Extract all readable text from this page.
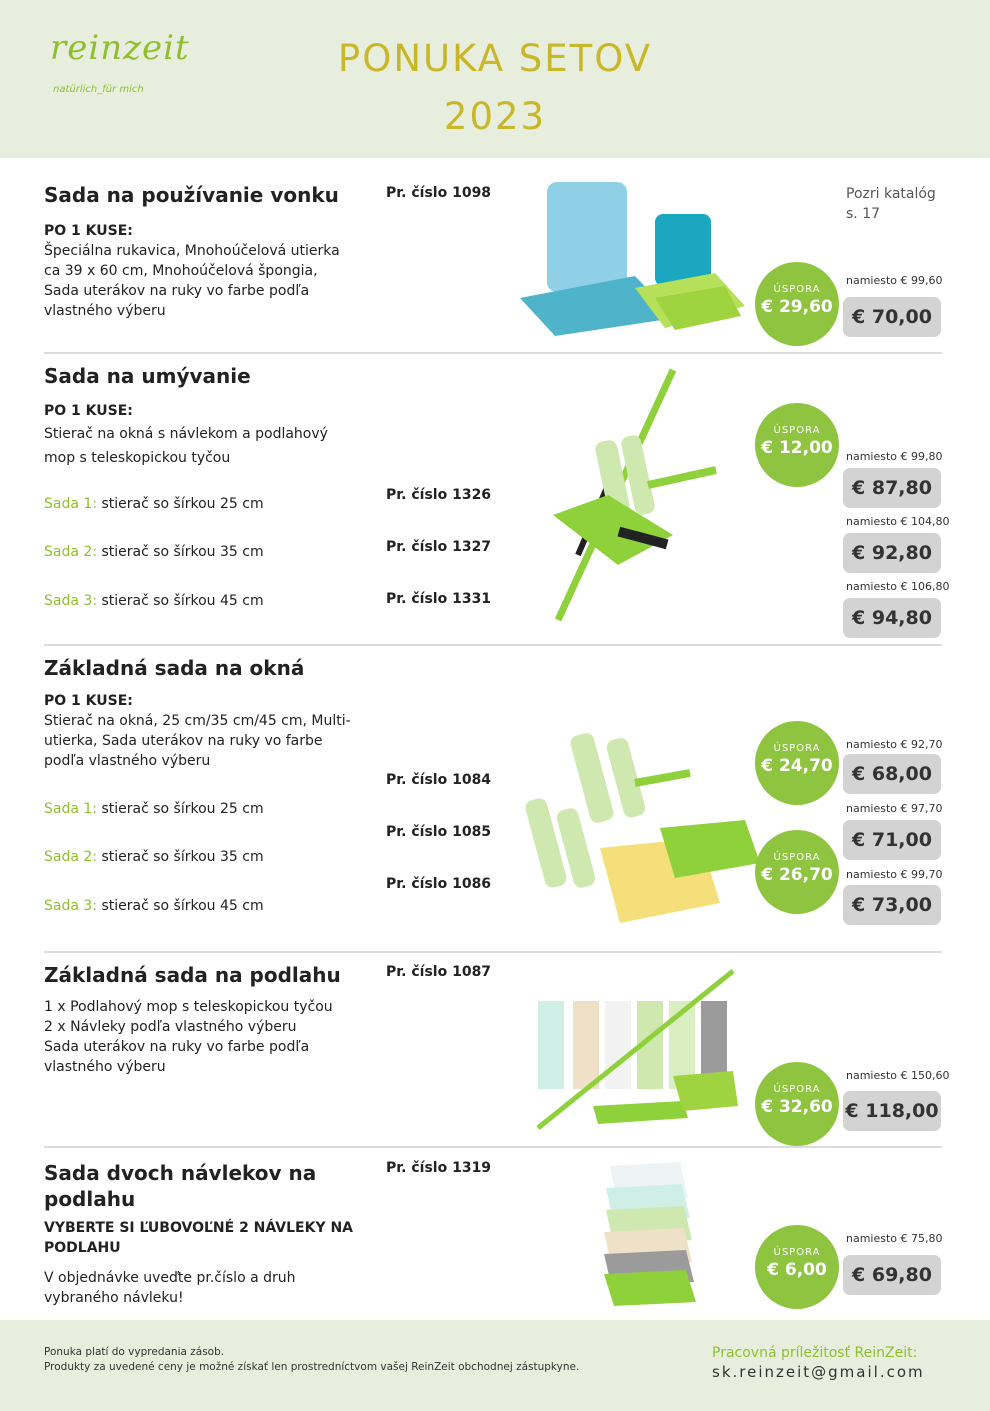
reinzeit
natürlich_für mich
PONUKA SETOV
2023
Sada na používanie vonku	Pr. číslo 1098
PO 1 KUSE:
Špeciálna rukavica, Mnohoúčelová utierka
ca 39 x 60 cm, Mnohoúčelová špongia,
Sada uterákov na ruky vo farbe podľa
vlastného výberu
Pozri katalóg
s. 17
ÚSPORA
€ 29,60
namiesto € 99,60
€ 70,00
Sada na umývanie
PO 1 KUSE:
Stierač na okná s návlekom a podlahový
mop s teleskopickou tyčou
Sada 1: stierač so šírkou 25 cm
Pr. číslo 1326
Sada 2: stierač so šírkou 35 cm	Pr. číslo 1327
Sada 3: stierač so šírkou 45 cm	Pr. číslo 1331
ÚSPORA
€ 12,00	namiesto € 99,80
€ 87,80
namiesto € 104,80
€ 92,80
namiesto € 106,80
€ 94,80
Základná sada na okná
PO 1 KUSE:
Stierač na okná, 25 cm/35 cm/45 cm, Multi-
utierka, Sada uterákov na ruky vo farbe
podľa vlastného výberu
Sada 1: stierač so šírkou 25 cm
Pr. číslo 1084
Sada 2: stierač so šírkou 35 cm
Pr. číslo 1085
Sada 3: stierač so šírkou 45 cm
Pr. číslo 1086
ÚSPORA
€ 24,70
ÚSPORA
€ 26,70
namiesto € 92,70
€ 68,00
namiesto € 97,70
€ 71,00
namiesto € 99,70
€ 73,00
Základná sada na podlahu	Pr. číslo 1087
1 x Podlahový mop s teleskopickou tyčou
2 x Návleky podľa vlastného výberu
Sada uterákov na ruky vo farbe podľa
vlastného výberu
ÚSPORA
€ 32,60
namiesto € 150,60
€ 118,00
Sada dvoch návlekov na
podlahu
Pr. číslo 1319
VYBERTE SI ĽUBOVOĽNÉ 2 NÁVLEKY NA
PODLAHU
V objednávke uveďte pr.číslo a druh
vybraného návleku!
ÚSPORA
€ 6,00
namiesto € 75,80
€ 69,80
Ponuka platí do vypredania zásob.
Produkty za uvedené ceny je možné získať len prostredníctvom vašej ReinZeit obchodnej zástupkyne.
Pracovná príležitosť ReinZeit:
sk.reinzeit@gmail.com
